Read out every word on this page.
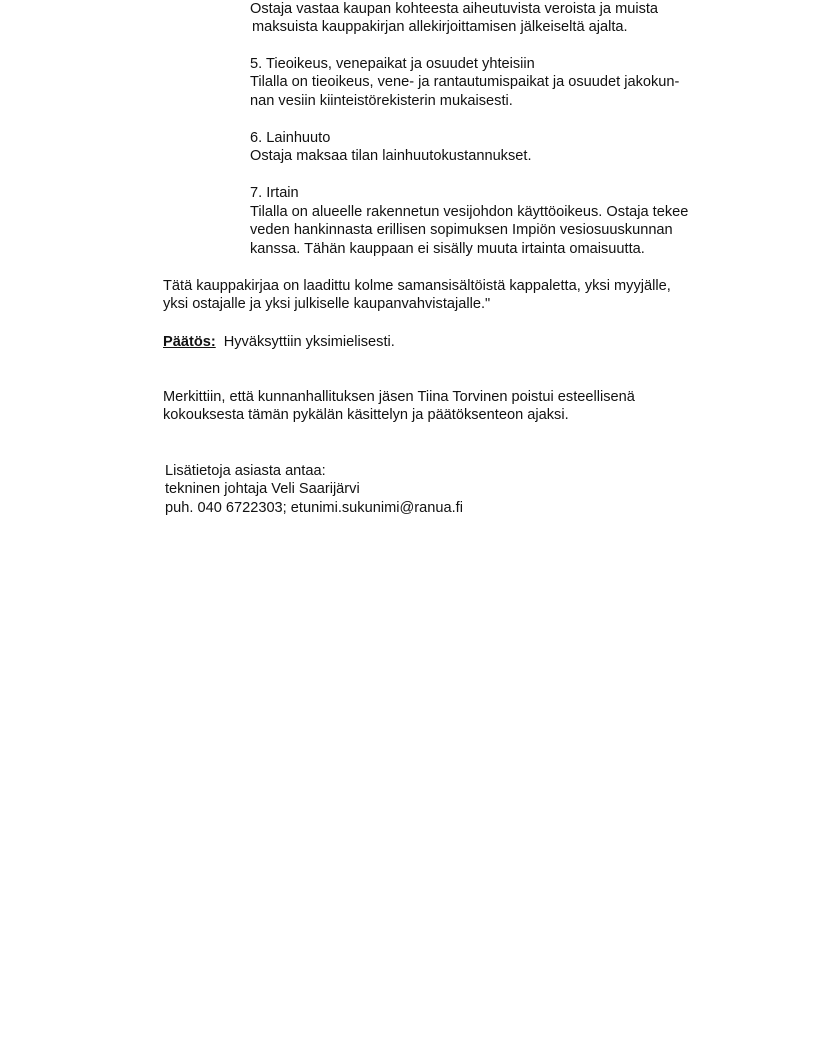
Ostaja vastaa kaupan kohteesta aiheutuvista veroista ja muista
maksuista kauppakirjan allekirjoittamisen jälkeiseltä ajalta.
5. Tieoikeus, venepaikat ja osuudet yhteisiin
Tilalla on tieoikeus, vene- ja rantautumispaikat ja osuudet jakokun-
nan vesiin kiinteistörekisterin mukaisesti.
6. Lainhuuto
Ostaja maksaa tilan lainhuutokustannukset.
7. Irtain
Tilalla on alueelle rakennetun vesijohdon käyttöoikeus. Ostaja tekee
veden hankinnasta erillisen sopimuksen Impiön vesiosuuskunnan
kanssa. Tähän kauppaan ei sisälly muuta irtainta omaisuutta.
Tätä kauppakirjaa on laadittu kolme samansisältöistä kappaletta, yksi myyjälle,
yksi ostajalle ja yksi julkiselle kaupanvahvistajalle."
Päätös: Hyväksyttiin yksimielisesti.
Merkittiin, että kunnanhallituksen jäsen Tiina Torvinen poistui esteellisenä
kokouksesta tämän pykälän käsittelyn ja päätöksenteon ajaksi.
Lisätietoja asiasta antaa:
tekninen johtaja Veli Saarijärvi
puh. 040 6722303; etunimi.sukunimi@ranua.fi
